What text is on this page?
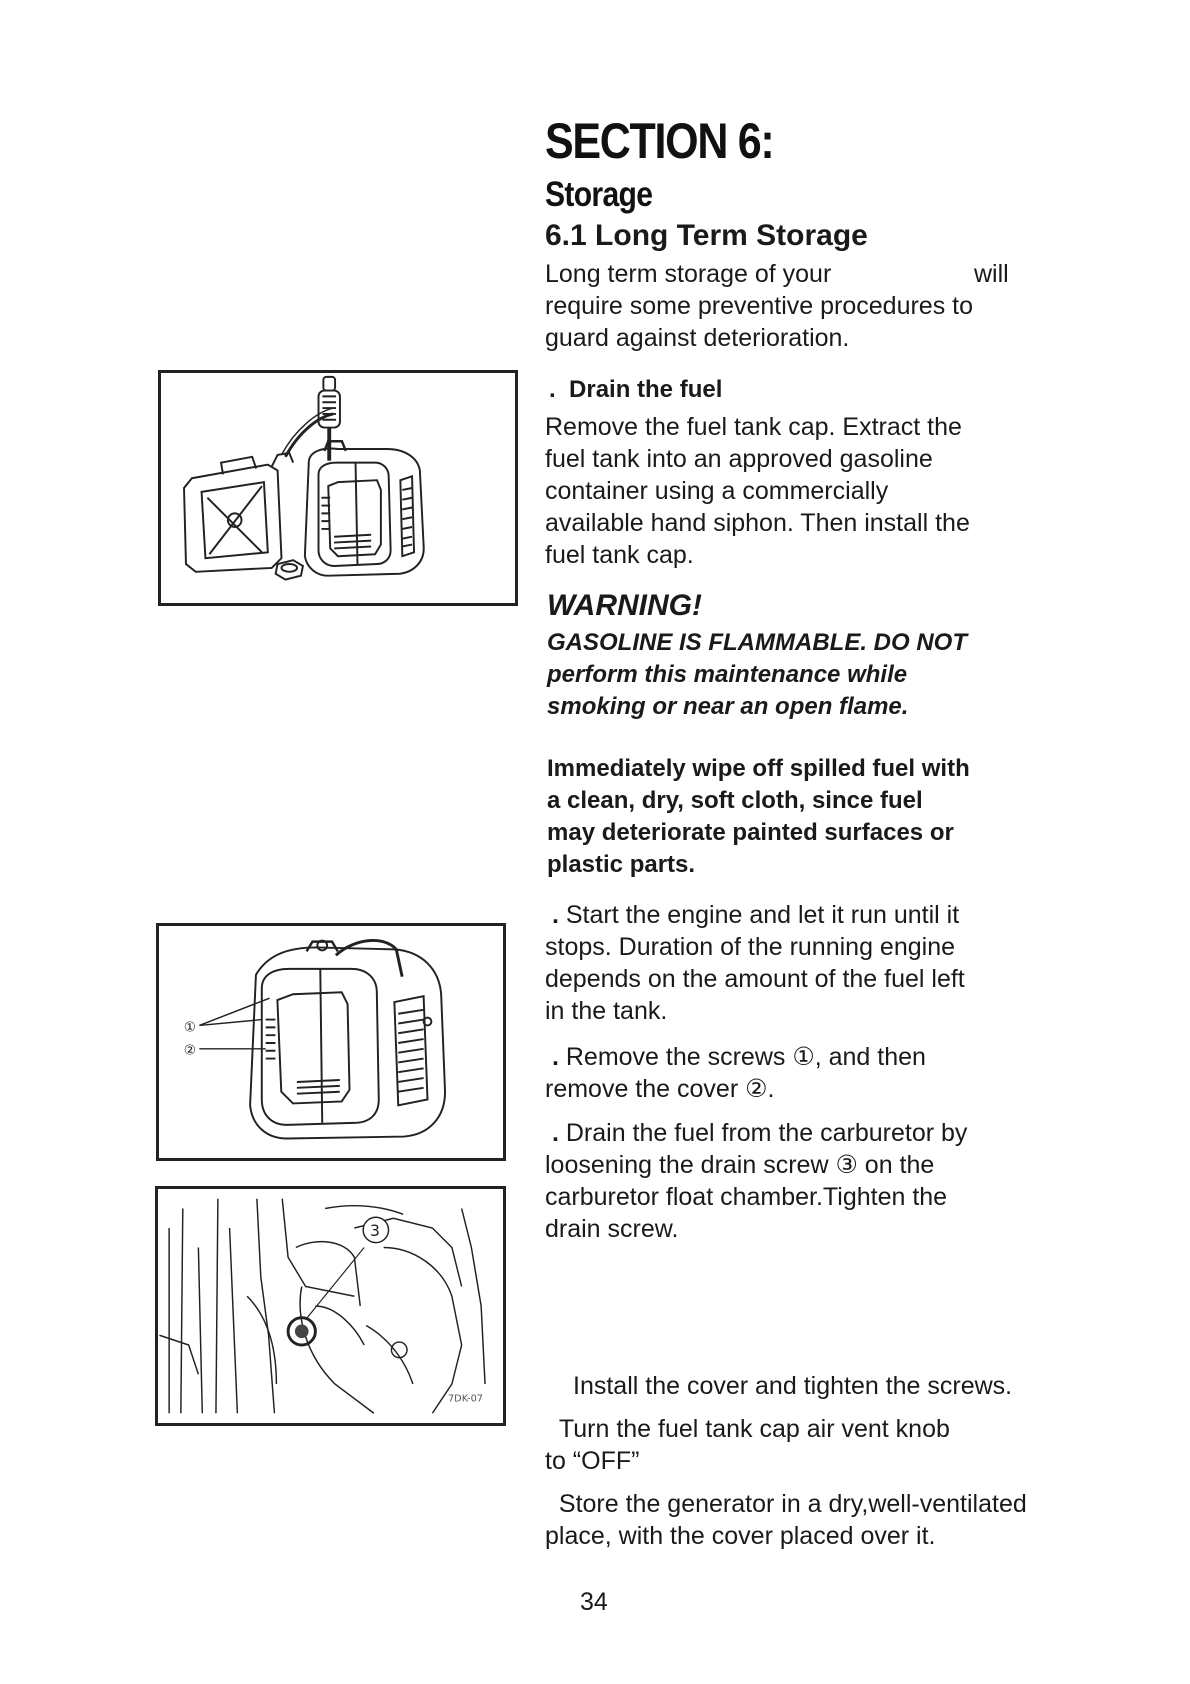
SECTION 6:
Storage
6.1 Long Term Storage
Long term storage of your	will
require some preventive procedures to
guard against deterioration.
. Drain the fuel

Remove the fuel tank cap. Extract the

fuel tank into an approved gasoline

container using a commercially

available hand siphon. Then install the

fuel tank cap.

WARNING!

GASOLINE IS FLAMMABLE. DO NOT

perform this maintenance while

smoking or near an open flame.

Immediately wipe off spilled fuel with

a clean, dry, soft cloth, since fuel

may deteriorate painted surfaces or

plastic parts.

. Start the engine and let it run until it
stops. Duration of the running engine
depends on the amount of the fuel left
in the tank.
. Remove the screws ①, and then
remove the cover ②.
. Drain the fuel from the carburetor by
loosening the drain screw ③ on the
carburetor float chamber.Tighten the
drain screw.
Install the cover and tighten the screws.
Turn the fuel tank cap air vent knob
to “OFF”
Store the generator in a dry,well-ventilated
place, with the cover placed over it.
34
①
②
3
7DK-07
